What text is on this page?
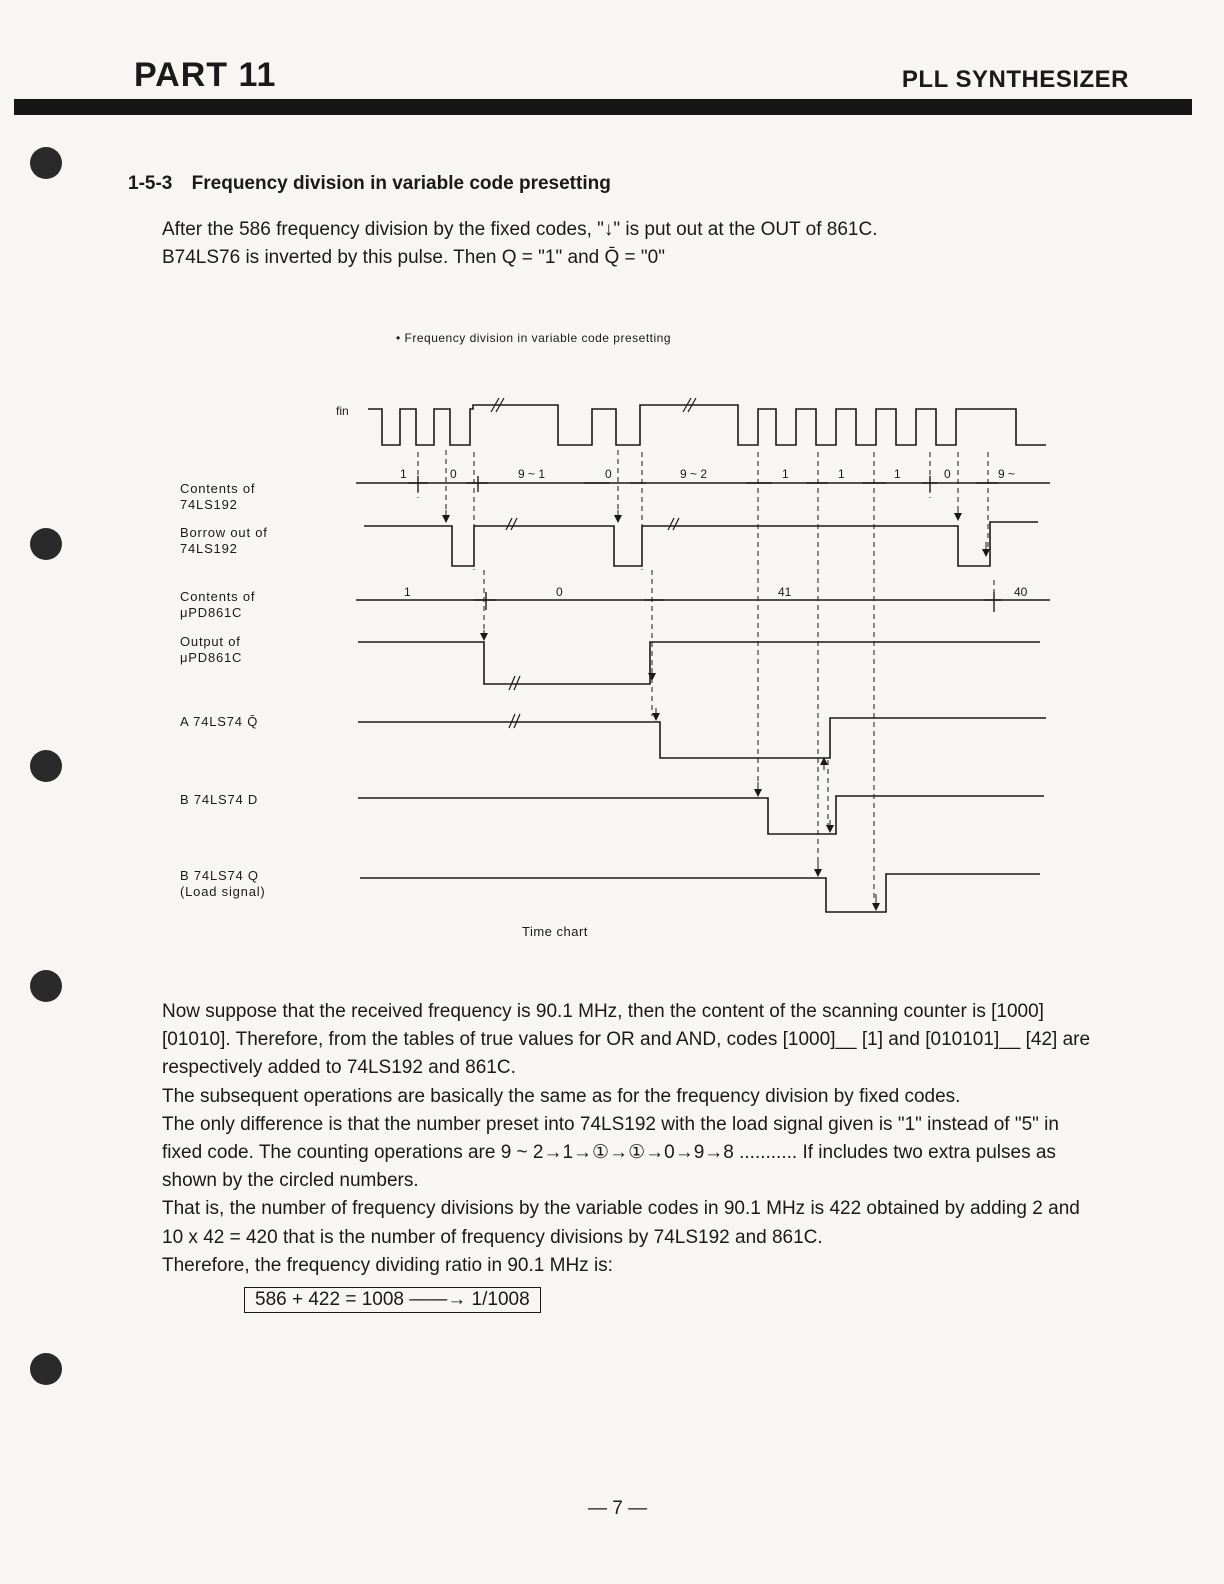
PART 11	PLL SYNTHESIZER
1-5-3 Frequency division in variable code presetting
After the 586 frequency division by the fixed codes, "↓" is put out at the OUT of 861C.
B74LS76 is inverted by this pulse. Then Q = "1" and Q̄ = "0"
• Frequency division in variable code presetting
Contents of
74LS192
Borrow out of
74LS192
Contents of
μPD861C
Output of
μPD861C
A 74LS74 Q̄
B 74LS74 D
B 74LS74 Q
(Load signal)
fin
1	0	9 ~ 1	0	9 ~ 2	1	1	1	0	9 ~
1	0	41	40
Time chart

Now suppose that the received frequency is 90.1 MHz, then the content of the scanning counter is [1000] [01010]. Therefore, from the tables of true values for OR and AND, codes [1000]__ [1] and [010101]__ [42] are respectively added to 74LS192 and 861C.

The subsequent operations are basically the same as for the frequency division by fixed codes.

The only difference is that the number preset into 74LS192 with the load signal given is "1" instead of "5" in fixed code. The counting operations are 9 ~ 2→1→①→①→0→9→8 ........... If includes two extra pulses as shown by the circled numbers.

That is, the number of frequency divisions by the variable codes in 90.1 MHz is 422 obtained by adding 2 and 10 x 42 = 420 that is the number of frequency divisions by 74LS192 and 861C.

Therefore, the frequency dividing ratio in 90.1 MHz is:

586 + 422 = 1008 ——→ 1/1008
— 7 —
